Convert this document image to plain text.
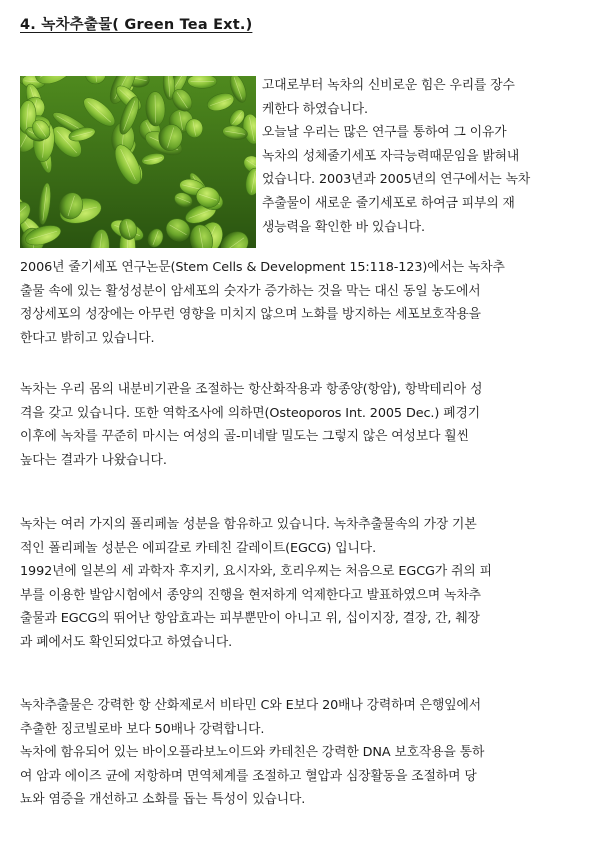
4. 녹차추출물( Green Tea Ext.)
고대로부터 녹차의 신비로운 힘은 우리를 장수
케한다 하였습니다.
오늘날 우리는 많은 연구를 통하여 그 이유가
녹차의 성체줄기세포 자극능력때문임을 밝혀내
었습니다. 2003년과 2005년의 연구에서는 녹차
추출물이 새로운 줄기세포로 하여금 피부의 재
생능력을 확인한 바 있습니다.
2006년 줄기세포 연구논문(Stem Cells & Development 15:118-123)에서는 녹차추
출물 속에 있는 활성성분이 암세포의 숫자가 증가하는 것을 막는 대신 동일 농도에서
정상세포의 성장에는 아무런 영향을 미치지 않으며 노화를 방지하는 세포보호작용을
한다고 밝히고 있습니다.
녹차는 우리 몸의 내분비기관을 조절하는 항산화작용과 항종양(항암), 항박테리아 성
격을 갖고 있습니다. 또한 역학조사에 의하면(Osteoporos Int. 2005 Dec.) 폐경기
이후에 녹차를 꾸준히 마시는 여성의 골-미네랄 밀도는 그렇지 않은 여성보다 훨씬
높다는 결과가 나왔습니다.
녹차는 여러 가지의 폴리페놀 성분을 함유하고 있습니다. 녹차추출물속의 가장 기본
적인 폴리페놀 성분은 에피갈로 카테친 갈레이트(EGCG) 입니다.
1992년에 일본의 세 과학자 후지키, 요시자와, 호리우찌는 처음으로 EGCG가 쥐의 피
부를 이용한 발암시험에서 종양의 진행을 현저하게 억제한다고 발표하였으며 녹차추
출물과 EGCG의 뛰어난 항암효과는 피부뿐만이 아니고 위, 십이지장, 결장, 간, 췌장
과 폐에서도 확인되었다고 하였습니다.
녹차추출물은 강력한 항 산화제로서 비타민 C와 E보다 20배나 강력하며 은행잎에서
추출한 징코빌로바 보다 50배나 강력합니다.
녹차에 함유되어 있는 바이오플라보노이드와 카테친은 강력한 DNA 보호작용을 통하
여 암과 에이즈 균에 저항하며 면역체계를 조절하고 혈압과 심장활동을 조절하며 당
뇨와 염증을 개선하고 소화를 돕는 특성이 있습니다.
